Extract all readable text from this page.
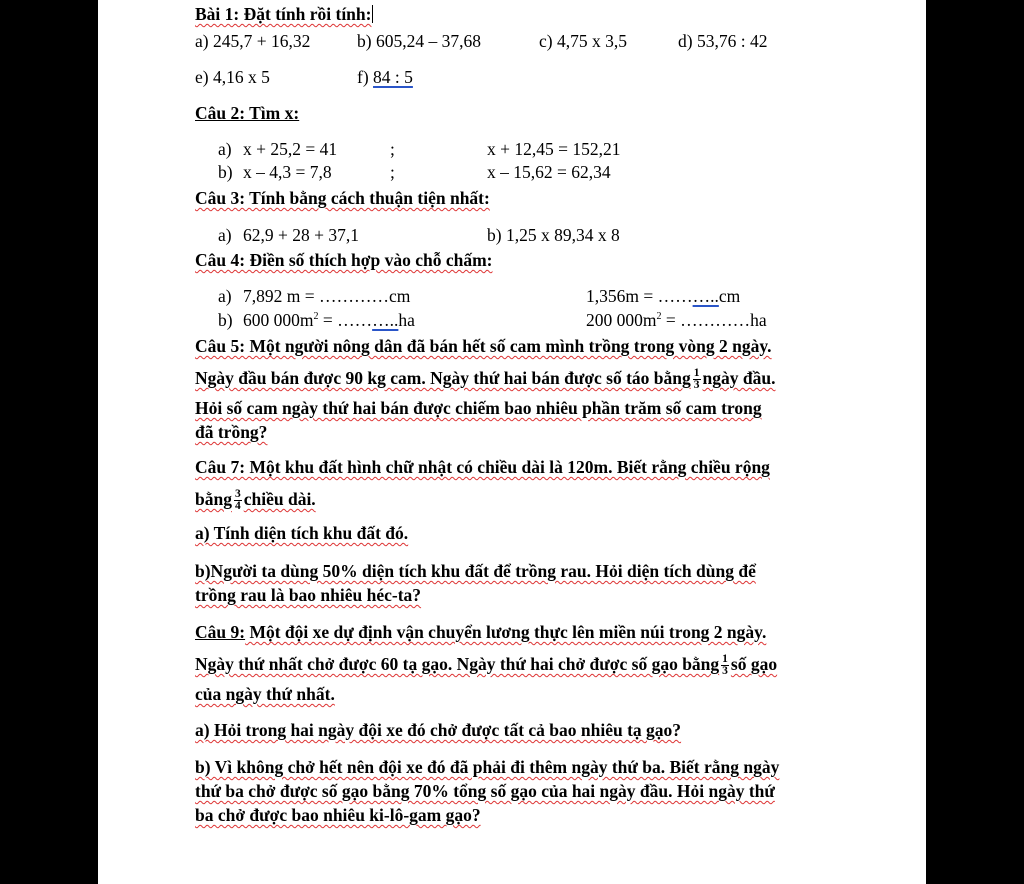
Bài 1: Đặt tính rồi tính:
a) 245,7 + 16,32	b) 605,24 – 37,68	c) 4,75 x 3,5	d) 53,76 : 42
e) 4,16 x 5	f) 84 : 5
Câu 2: Tìm x:
a) x + 25,2 = 41	;	x + 12,45 = 152,21
b) x – 4,3 = 7,8	;	x – 15,62 = 62,34
Câu 3: Tính bằng cách thuận tiện nhất:
a) 62,9 + 28 + 37,1	b) 1,25 x 89,34 x 8
Câu 4: Điền số thích hợp vào chỗ chấm:
a) 7,892 m = …………cm	1,356m = ………..cm
b) 600 $000m^2$ = ………..ha	200 $000m^2$ = …………ha
Câu 5: Một người nông dân đã bán hết số cam mình trồng trong vòng 2 ngày.
Ngày đầu bán được 90 kg cam. Ngày thứ hai bán được số táo bằng $\frac{1}{3}$ ngày đầu.
Hỏi số cam ngày thứ hai bán được chiếm bao nhiêu phần trăm số cam trong
đã trồng?
Câu 7: Một khu đất hình chữ nhật có chiều dài là 120m. Biết rằng chiều rộng
bằng $\frac{3}{4}$ chiều dài.
a) Tính diện tích khu đất đó.
b)Người ta dùng 50% diện tích khu đất để trồng rau. Hỏi diện tích dùng để
trồng rau là bao nhiêu héc-ta?
Câu 9: Một đội xe dự định vận chuyển lương thực lên miền núi trong 2 ngày.
Ngày thứ nhất chở được 60 tạ gạo. Ngày thứ hai chở được số gạo bằng $\frac{1}{3}$ số gạo
của ngày thứ nhất.
a) Hỏi trong hai ngày đội xe đó chở được tất cả bao nhiêu tạ gạo?
b) Vì không chở hết nên đội xe đó đã phải đi thêm ngày thứ ba. Biết rằng ngày
thứ ba chở được số gạo bằng 70% tổng số gạo của hai ngày đầu. Hỏi ngày thứ
ba chở được bao nhiêu ki-lô-gam gạo?
